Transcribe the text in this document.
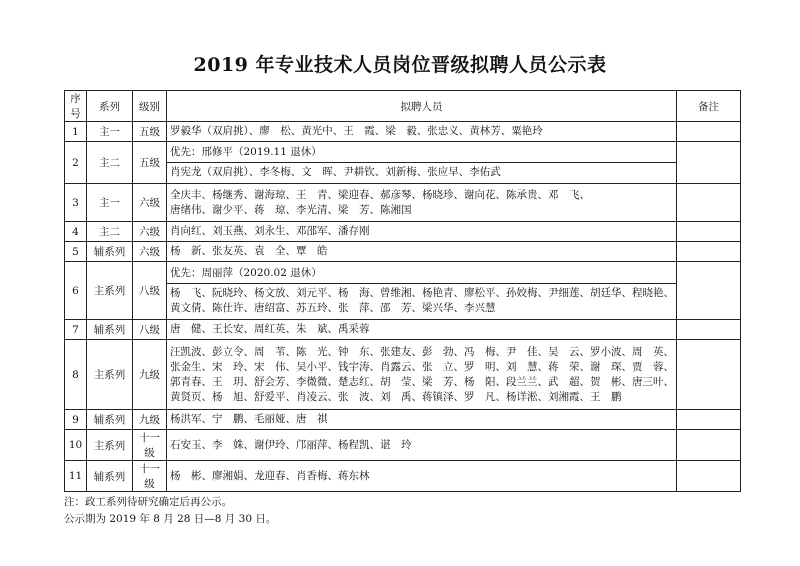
2019 年专业技术人员岗位晋级拟聘人员公示表
序号	系列	级别	拟聘人员	备注
1	主一	五级	罗毅华（双肩挑）、廖　松、黄光中、王　霞、梁　毅、张忠义、黄林芳、粟艳玲	

2	主二	五级	优先：邢修平（2019.11 退休）
肖宪龙（双肩挑）、李冬梅、文　晖、尹耕钦、刘新梅、张应早、李佑武	

3	主一	六级	全庆丰、杨继秀、谢海琼、王　青、梁迎春、郝彦琴、杨晓珍、谢向花、陈承贵、邓　飞、
唐绪伟、谢少平、蒋　琼、李光清、梁　芳、陈湘国	

4	主二	六级	肖向红、刘玉燕、刘永生、邓邵军、潘存刚	

5	辅系列	六级	杨　新、张友英、袁　全、覃　皓	

6	主系列	八级	优先：周丽萍（2020.02 退休）
杨　飞、阮晓玲、杨文放、刘元平、杨　海、曾维湘、杨艳青、廖松平、孙姣梅、尹细莲、胡廷华、程晓艳、
黄文倩、陈仕许、唐绍富、苏五玲、张　萍、邵　芳、梁兴华、李兴慧	

7	辅系列	八级	唐　健、王长安、周红英、朱　斌、禹采蓉	

8	主系列	九级	汪凯波、彭立令、周　苇、陈　光、钟　东、张建友、彭　勃、冯　梅、尹　佳、吴　云、罗小波、周　英、
张金生、宋　玲、宋　伟、吴小平、钱宇涛、肖露云、张　立、罗　明、刘　慧、蒋　荣、谢　琛、贾　蓉、
郭青春、王　玥、舒会芳、李微微、楚志红、胡　莹、梁　芳、杨　阳、段兰兰、武　超、贺　彬、唐三叶、
黄贤页、杨　旭、舒爱平、肖凌云、张　波、刘　禹、蒋镇泽、罗　凡、杨详淞、刘湘霞、王　鹏	

9	辅系列	九级	杨洪军、宁　鹏、毛丽娅、唐　祺	

10	主系列	十一级	石安玉、李　姝、谢伊玲、邝丽萍、杨程凯、谌　玲	

11	辅系列	十一级	杨　彬、廖湘娟、龙迎春、肖香梅、蒋东林	

注：政工系列待研究确定后再公示。
公示期为 2019 年 8 月 28 日—8 月 30 日。
